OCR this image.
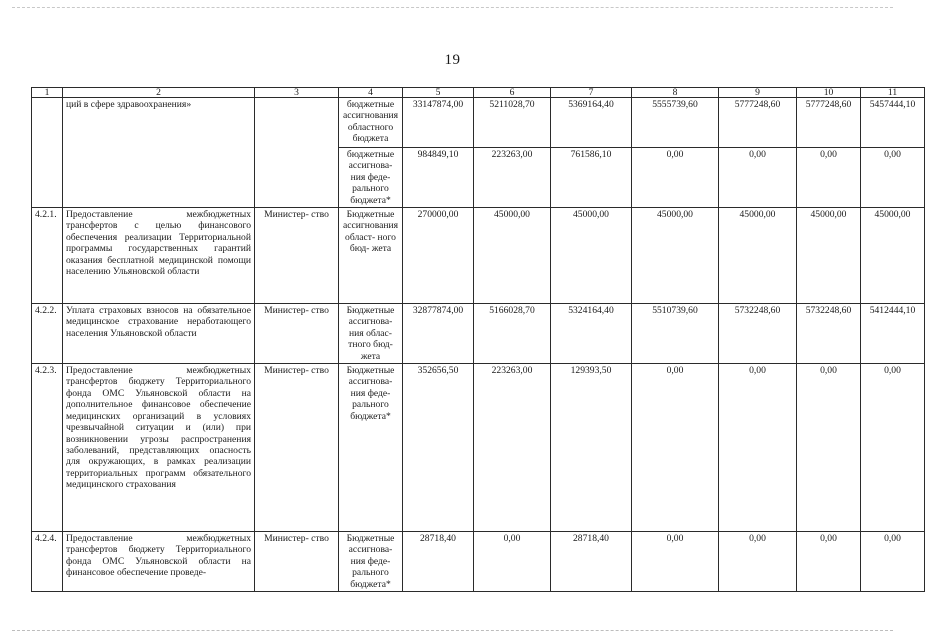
19
1	2	3	4	5	6	7	8	9	10	11
	ций в сфере здравоохранения»		бюджетные ассигнования областного бюджета	33147874,00	5211028,70	5369164,40	5555739,60	5777248,60	5777248,60	5457444,10
			бюджетные ассигнова- ния феде- рального бюджета*	984849,10	223263,00	761586,10	0,00	0,00	0,00	0,00
4.2.1.	Предоставление межбюджетных трансфертов с целью финансового обеспечения реализации Территориальной программы государственных гарантий оказания бесплатной медицинской помощи населению Ульяновской области	Министер- ство	Бюджетные ассигнования област- ного бюд- жета	270000,00	45000,00	45000,00	45000,00	45000,00	45000,00	45000,00
4.2.2.	Уплата страховых взносов на обязательное медицинское страхование неработающего населения Ульяновской области	Министер- ство	Бюджетные ассигнова- ния облас- тного бюд- жета	32877874,00	5166028,70	5324164,40	5510739,60	5732248,60	5732248,60	5412444,10
4.2.3.	Предоставление межбюджетных трансфертов бюджету Территориального фонда ОМС Ульяновской области на дополнительное финансовое обеспечение медицинских организаций в условиях чрезвычайной ситуации и (или) при возникновении угрозы распространения заболеваний, представляющих опасность для окружающих, в рамках реализации территориальных программ обязательного медицинского страхования	Министер- ство	Бюджетные ассигнова- ния феде- рального бюджета*	352656,50	223263,00	129393,50	0,00	0,00	0,00	0,00
4.2.4.	Предоставление межбюджетных трансфертов бюджету Территориального фонда ОМС Ульяновской области на финансовое обеспечение проведе-	Министер- ство	Бюджетные ассигнова- ния феде- рального бюджета*	28718,40	0,00	28718,40	0,00	0,00	0,00	0,00
